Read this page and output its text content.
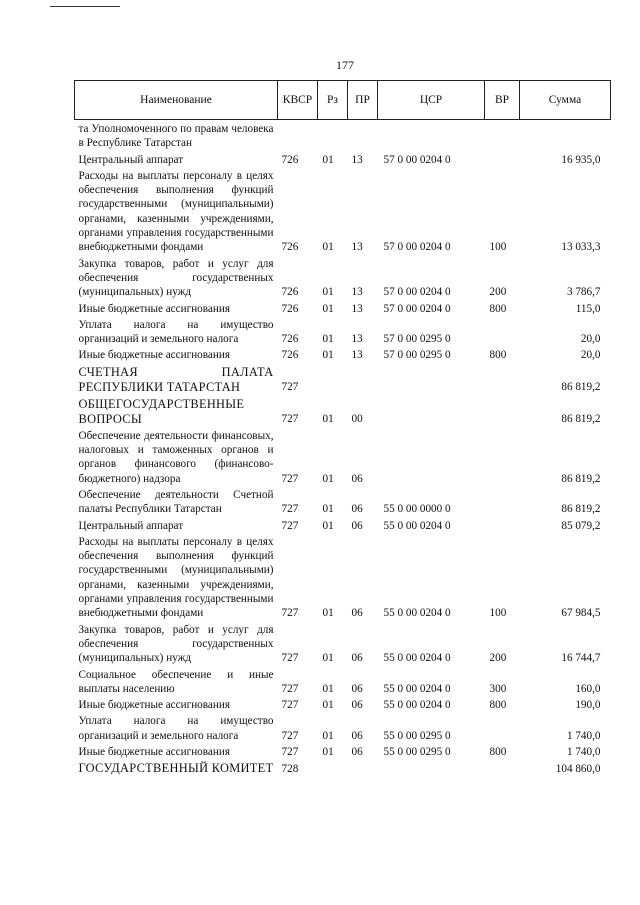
177
Наименование	КВСР	Рз	ПР	ЦСР	ВР	Сумма
та Уполномоченного по правам человека в Республике Татарстан						
Центральный аппарат	726	01	13	57 0 00 0204 0		16 935,0
Расходы на выплаты персоналу в целях обеспечения выполнения функций государственными (муниципальными) органами, казенными учреждениями, органами управления государственными внебюджетными фондами	726	01	13	57 0 00 0204 0	100	13 033,3
Закупка товаров, работ и услуг для обеспечения государственных (муниципальных) нужд	726	01	13	57 0 00 0204 0	200	3 786,7
Иные бюджетные ассигнования	726	01	13	57 0 00 0204 0	800	115,0
Уплата налога на имущество организаций и земельного налога	726	01	13	57 0 00 0295 0		20,0
Иные бюджетные ассигнования	726	01	13	57 0 00 0295 0	800	20,0
СЧЕТНАЯ ПАЛАТА РЕСПУБЛИКИ ТАТАРСТАН	727					86 819,2
ОБЩЕГОСУДАРСТВЕННЫЕ ВОПРОСЫ	727	01	00			86 819,2
Обеспечение деятельности финансовых, налоговых и таможенных органов и органов финансового (финансово-бюджетного) надзора	727	01	06			86 819,2
Обеспечение деятельности Счетной палаты Республики Татарстан	727	01	06	55 0 00 0000 0		86 819,2
Центральный аппарат	727	01	06	55 0 00 0204 0		85 079,2
Расходы на выплаты персоналу в целях обеспечения выполнения функций государственными (муниципальными) органами, казенными учреждениями, органами управления государственными внебюджетными фондами	727	01	06	55 0 00 0204 0	100	67 984,5
Закупка товаров, работ и услуг для обеспечения государственных (муниципальных) нужд	727	01	06	55 0 00 0204 0	200	16 744,7
Социальное обеспечение и иные выплаты населению	727	01	06	55 0 00 0204 0	300	160,0
Иные бюджетные ассигнования	727	01	06	55 0 00 0204 0	800	190,0
Уплата налога на имущество организаций и земельного налога	727	01	06	55 0 00 0295 0		1 740,0
Иные бюджетные ассигнования	727	01	06	55 0 00 0295 0	800	1 740,0
ГОСУДАРСТВЕННЫЙ КОМИТЕТ	728					104 860,0
